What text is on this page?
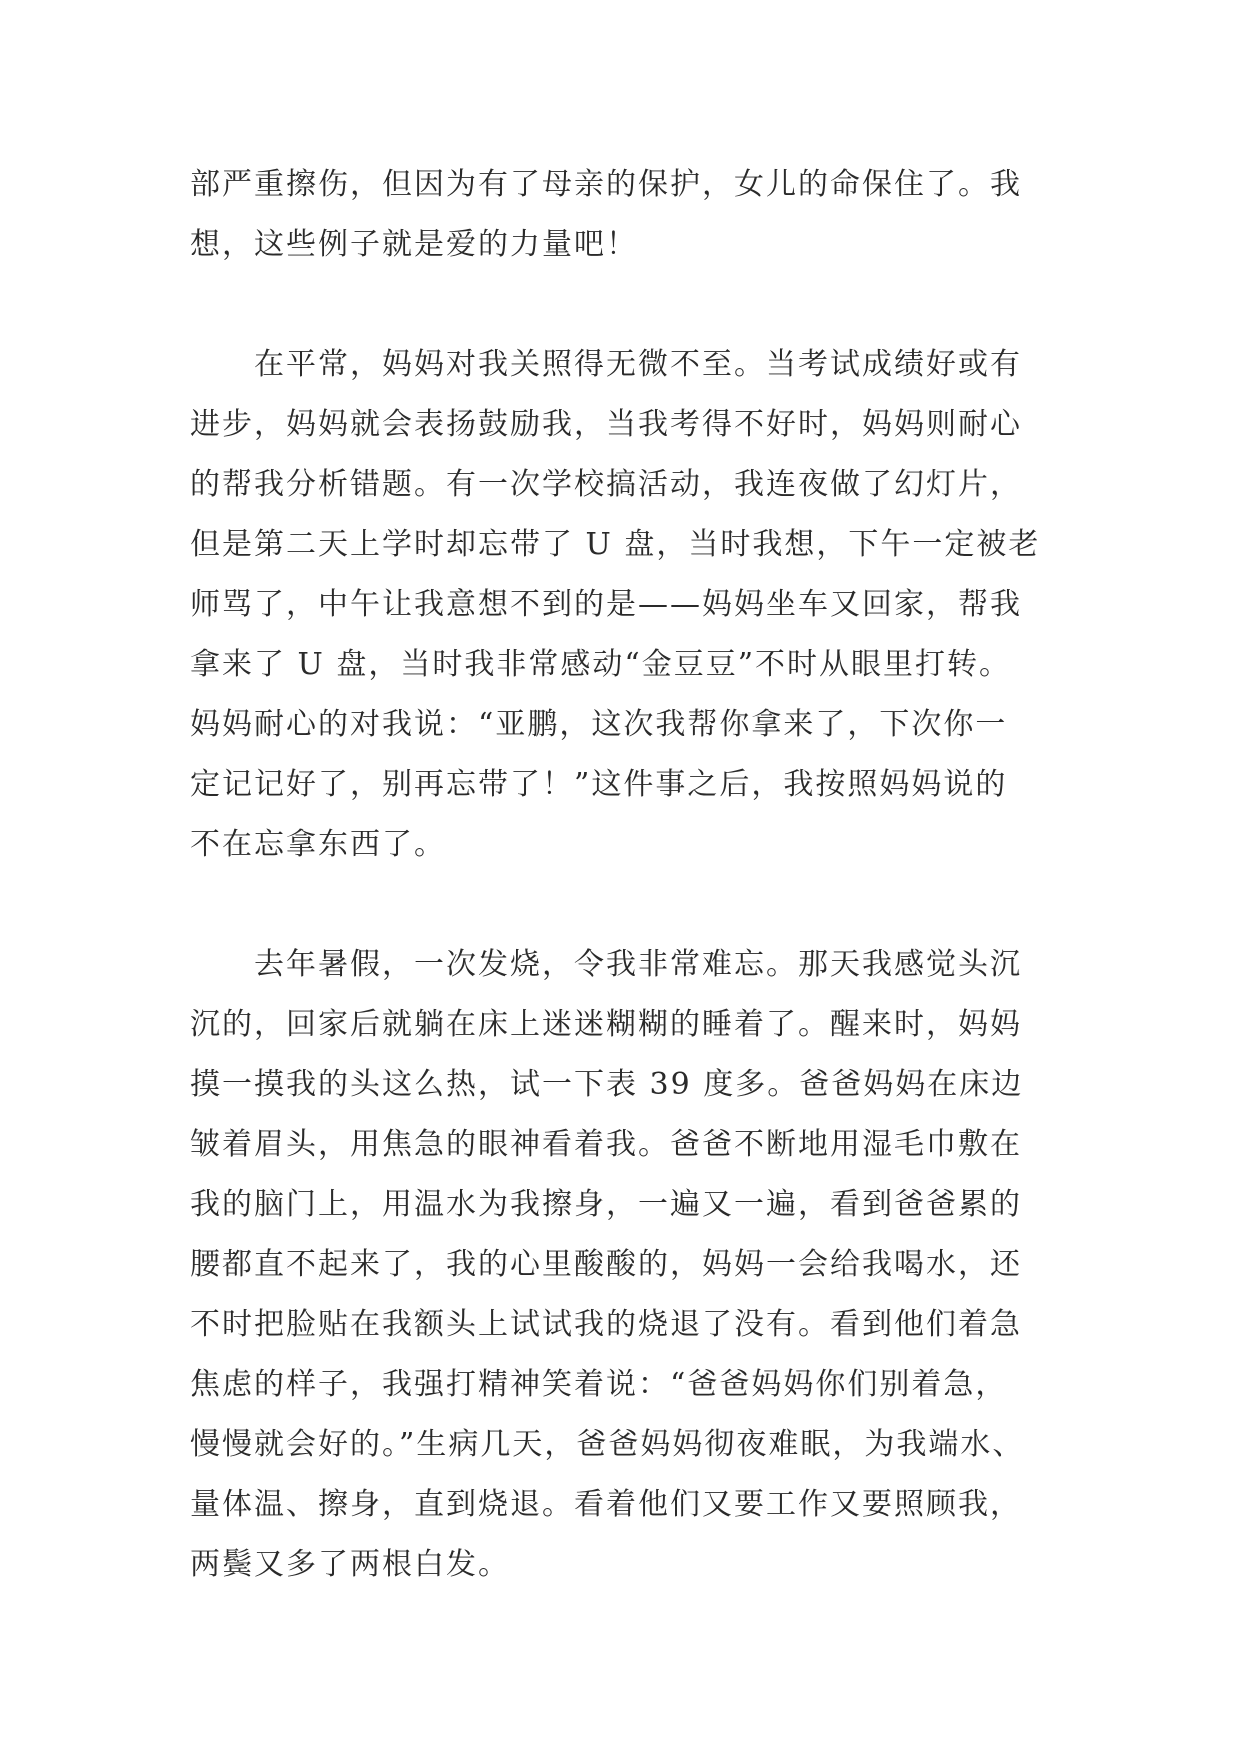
部严重擦伤，但因为有了母亲的保护，女儿的命保住了。我
想，这些例子就是爱的力量吧！
　　在平常，妈妈对我关照得无微不至。当考试成绩好或有
进步，妈妈就会表扬鼓励我，当我考得不好时，妈妈则耐心
的帮我分析错题。有一次学校搞活动，我连夜做了幻灯片，
但是第二天上学时却忘带了 U 盘，当时我想，下午一定被老
师骂了，中午让我意想不到的是——妈妈坐车又回家，帮我
拿来了 U 盘，当时我非常感动“金豆豆”不时从眼里打转。
妈妈耐心的对我说：“亚鹏，这次我帮你拿来了，下次你一
定记记好了，别再忘带了！”这件事之后，我按照妈妈说的
不在忘拿东西了。
　　去年暑假，一次发烧，令我非常难忘。那天我感觉头沉
沉的，回家后就躺在床上迷迷糊糊的睡着了。醒来时，妈妈
摸一摸我的头这么热，试一下表 39 度多。爸爸妈妈在床边
皱着眉头，用焦急的眼神看着我。爸爸不断地用湿毛巾敷在
我的脑门上，用温水为我擦身，一遍又一遍，看到爸爸累的
腰都直不起来了，我的心里酸酸的，妈妈一会给我喝水，还
不时把脸贴在我额头上试试我的烧退了没有。看到他们着急
焦虑的样子，我强打精神笑着说：“爸爸妈妈你们别着急，
慢慢就会好的。”生病几天，爸爸妈妈彻夜难眠，为我端水、
量体温、擦身，直到烧退。看着他们又要工作又要照顾我，
两鬓又多了两根白发。
